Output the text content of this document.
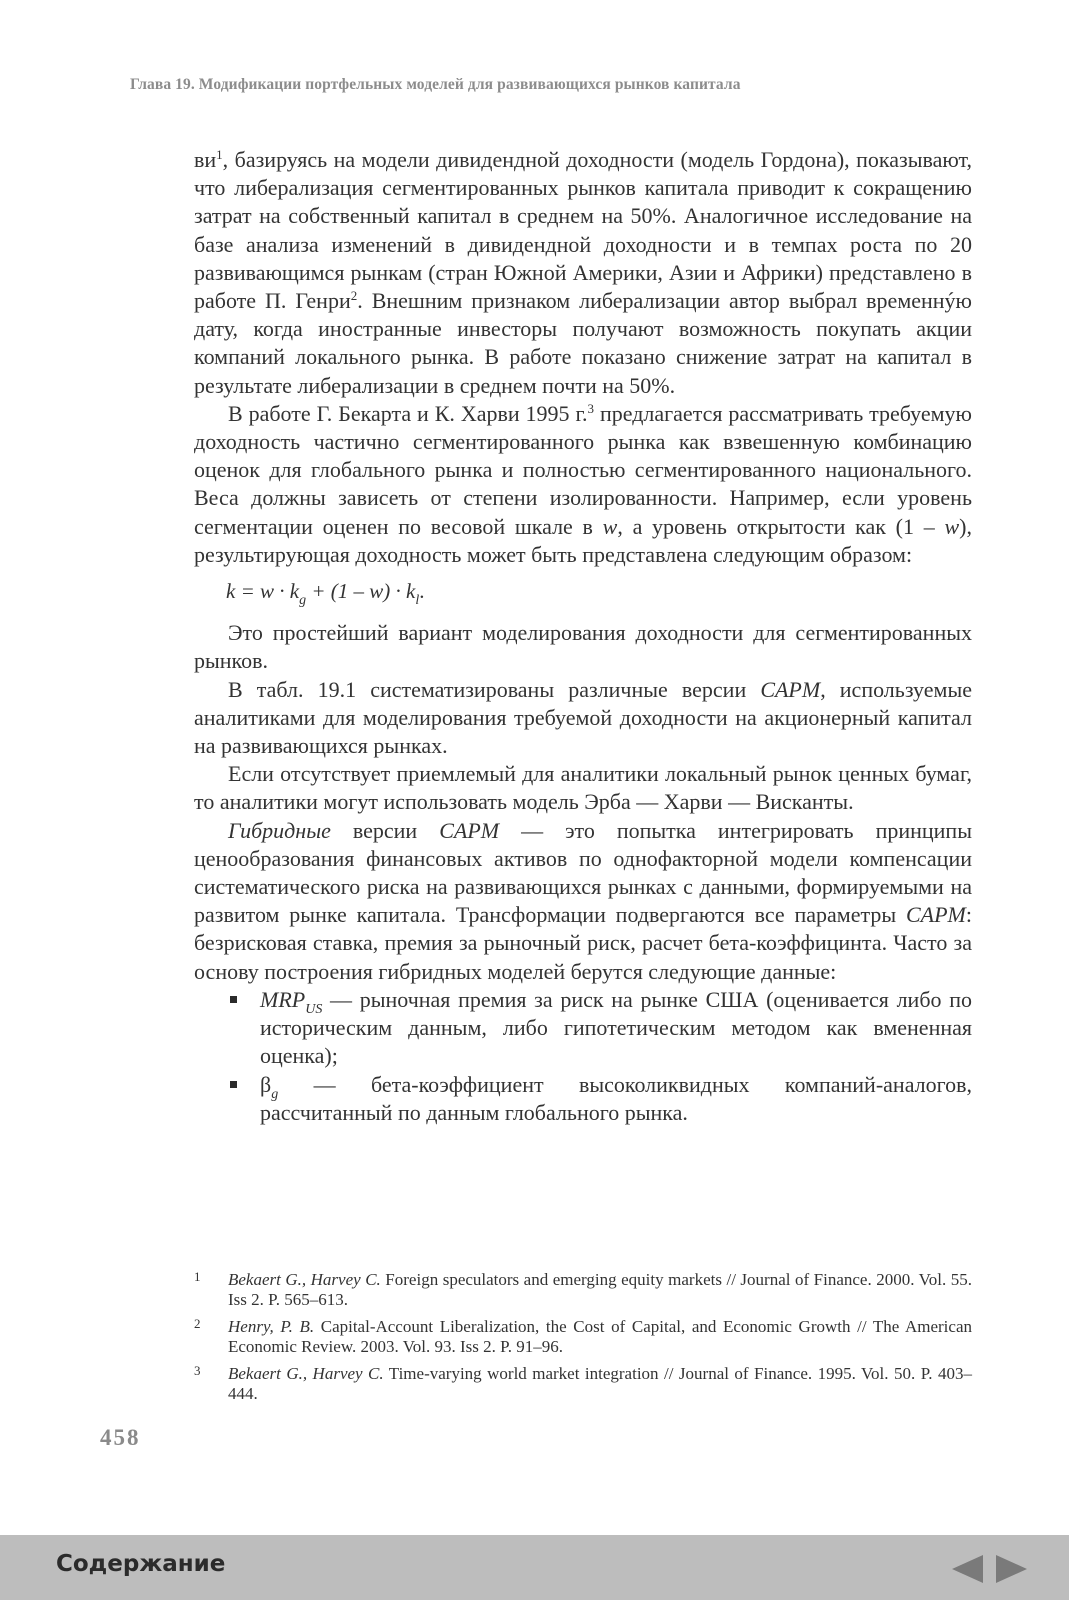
Глава 19. Модификации портфельных моделей для развивающихся рынков капитала

$ви^1$, базируясь на модели дивидендной доходности (модель Гордона), показывают, что либерализация сегментированных рынков капитала приводит к сокращению затрат на собственный капитал в среднем на 50%. Аналогичное исследование на базе анализа изменений в дивидендной доходности и в темпах роста по 20 развивающимся рынкам (стран Южной Америки, Азии и Африки) представлено в работе П. Генри$^2$. Внешним признаком либерализации автор выбрал временнýю дату, когда иностранные инвесторы получают возможность покупать акции компаний локального рынка. В работе показано снижение затрат на капитал в результате либерализации в среднем почти на 50%.

В работе Г. Бекарта и К. Харви 1995 г.$^3$ предлагается рассматривать требуемую доходность частично сегментированного рынка как взвешенную комбинацию оценок для глобального рынка и полностью сегментированного национального. Веса должны зависеть от степени изолированности. Например, если уровень сегментации оценен по весовой шкале в w, а уровень открытости как (1 – w), результирующая доходность может быть представлена следующим образом:

$k = w \cdot k_g + (1 - w) \cdot k_l$.

Это простейший вариант моделирования доходности для сегментированных рынков.

В табл. 19.1 систематизированы различные версии CAPM, используемые аналитиками для моделирования требуемой доходности на акционерный капитал на развивающихся рынках.

Если отсутствует приемлемый для аналитики локальный рынок ценных бумаг, то аналитики могут использовать модель Эрба — Харви — Висканты.

Гибридные версии CAPM — это попытка интегрировать принципы ценообразования финансовых активов по однофакторной модели компенсации систематического риска на развивающихся рынках с данными, формируемыми на развитом рынке капитала. Трансформации подвергаются все параметры CAPM: безрисковая ставка, премия за рыночный риск, расчет бета-коэффицинта. Часто за основу построения гибридных моделей берутся следующие данные:

$MRP_{US}$ — рыночная премия за риск на рынке США (оценивается либо по историческим данным, либо гипотетическим методом как вмененная оценка);
$\beta_g$ — бета-коэффициент высоколиквидных компаний-аналогов, рассчитанный по данным глобального рынка.
1 Bekaert G., Harvey C. Foreign speculators and emerging equity markets // Journal of Finance. 2000. Vol. 55. Iss 2. P. 565–613.
2 Henry, P. B. Capital-Account Liberalization, the Cost of Capital, and Economic Growth // The American Economic Review. 2003. Vol. 93. Iss 2. P. 91–96.
3 Bekaert G., Harvey C. Time-varying world market integration // Journal of Finance. 1995. Vol. 50. P. 403–444.
458
Содержание
